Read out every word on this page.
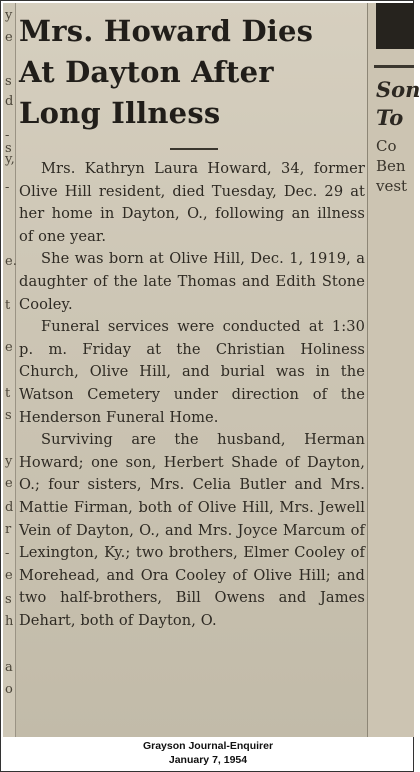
y
e
s
d
-s
y,
-
e.
t
e
t
s
y
e
d
r
-
e
s
h
a
o
Son
To
Co
Ben
vest
Mrs. Howard Dies
At Dayton After
Long Illness

Mrs. Kathryn Laura Howard, 34, former Olive Hill resident, died Tuesday, Dec. 29 at her home in Dayton, O., following an illness of one year.

She was born at Olive Hill, Dec. 1, 1919, a daughter of the late Thomas and Edith Stone Cooley.

Funeral services were conducted at 1:30 p. m. Friday at the Christian Holiness Church, Olive Hill, and burial was in the Watson Cemetery under direction of the Henderson Funeral Home.

Surviving are the husband, Herman Howard; one son, Herbert Shade of Dayton, O.; four sisters, Mrs. Celia Butler and Mrs. Mattie Firman, both of Olive Hill, Mrs. Jewell Vein of Dayton, O., and Mrs. Joyce Marcum of Lexington, Ky.; two brothers, Elmer Cooley of Morehead, and Ora Cooley of Olive Hill; and two half-brothers, Bill Owens and James Dehart, both of Dayton, O.

Grayson Journal-Enquirer
January 7, 1954
